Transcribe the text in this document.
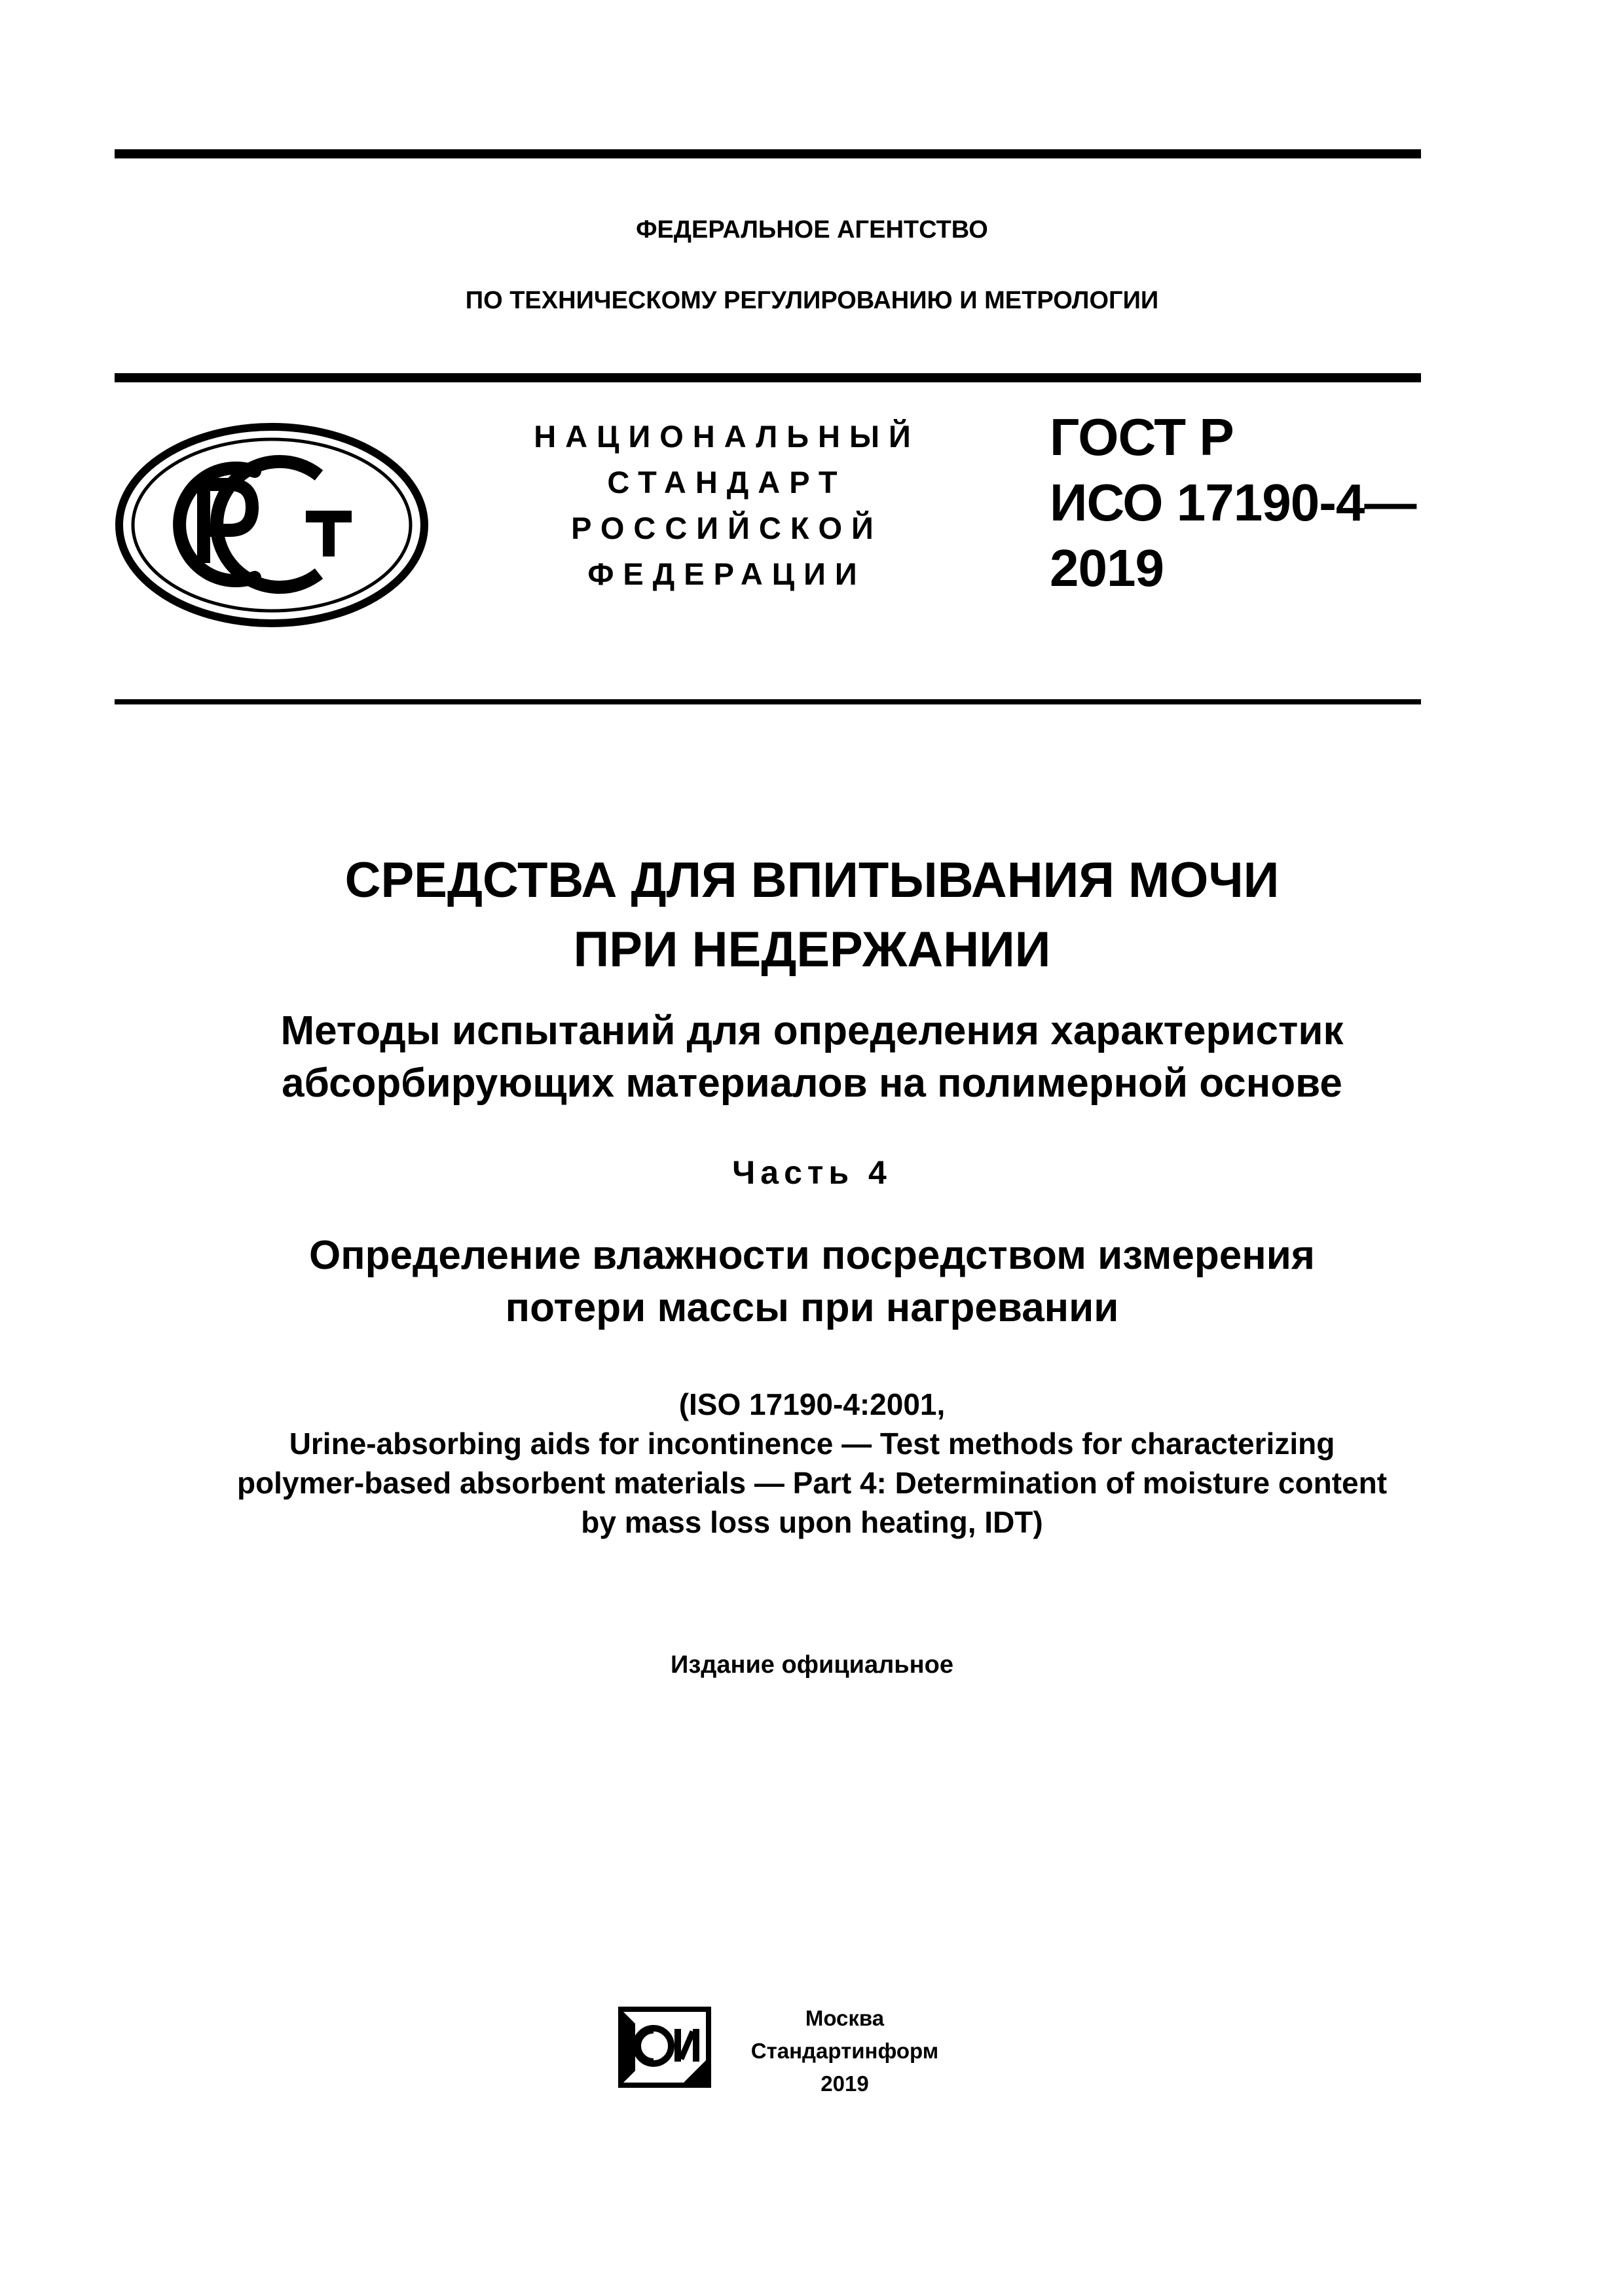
ФЕДЕРАЛЬНОЕ АГЕНТСТВО
ПО ТЕХНИЧЕСКОМУ РЕГУЛИРОВАНИЮ И МЕТРОЛОГИИ
НАЦИОНАЛЬНЫЙ
СТАНДАРТ
РОССИЙСКОЙ
ФЕДЕРАЦИИ
ГОСТ Р
ИСО 17190-4—
2019
СРЕДСТВА ДЛЯ ВПИТЫВАНИЯ МОЧИ
ПРИ НЕДЕРЖАНИИ
Методы испытаний для определения характеристик
абсорбирующих материалов на полимерной основе
Часть 4
Определение влажности посредством измерения
потери массы при нагревании
(ISO 17190-4:2001,
Urine-absorbing aids for incontinence — Test methods for characterizing
polymer-based absorbent materials — Part 4: Determination of moisture content
by mass loss upon heating, IDT)
Издание официальное
Москва
Стандартинформ
2019
